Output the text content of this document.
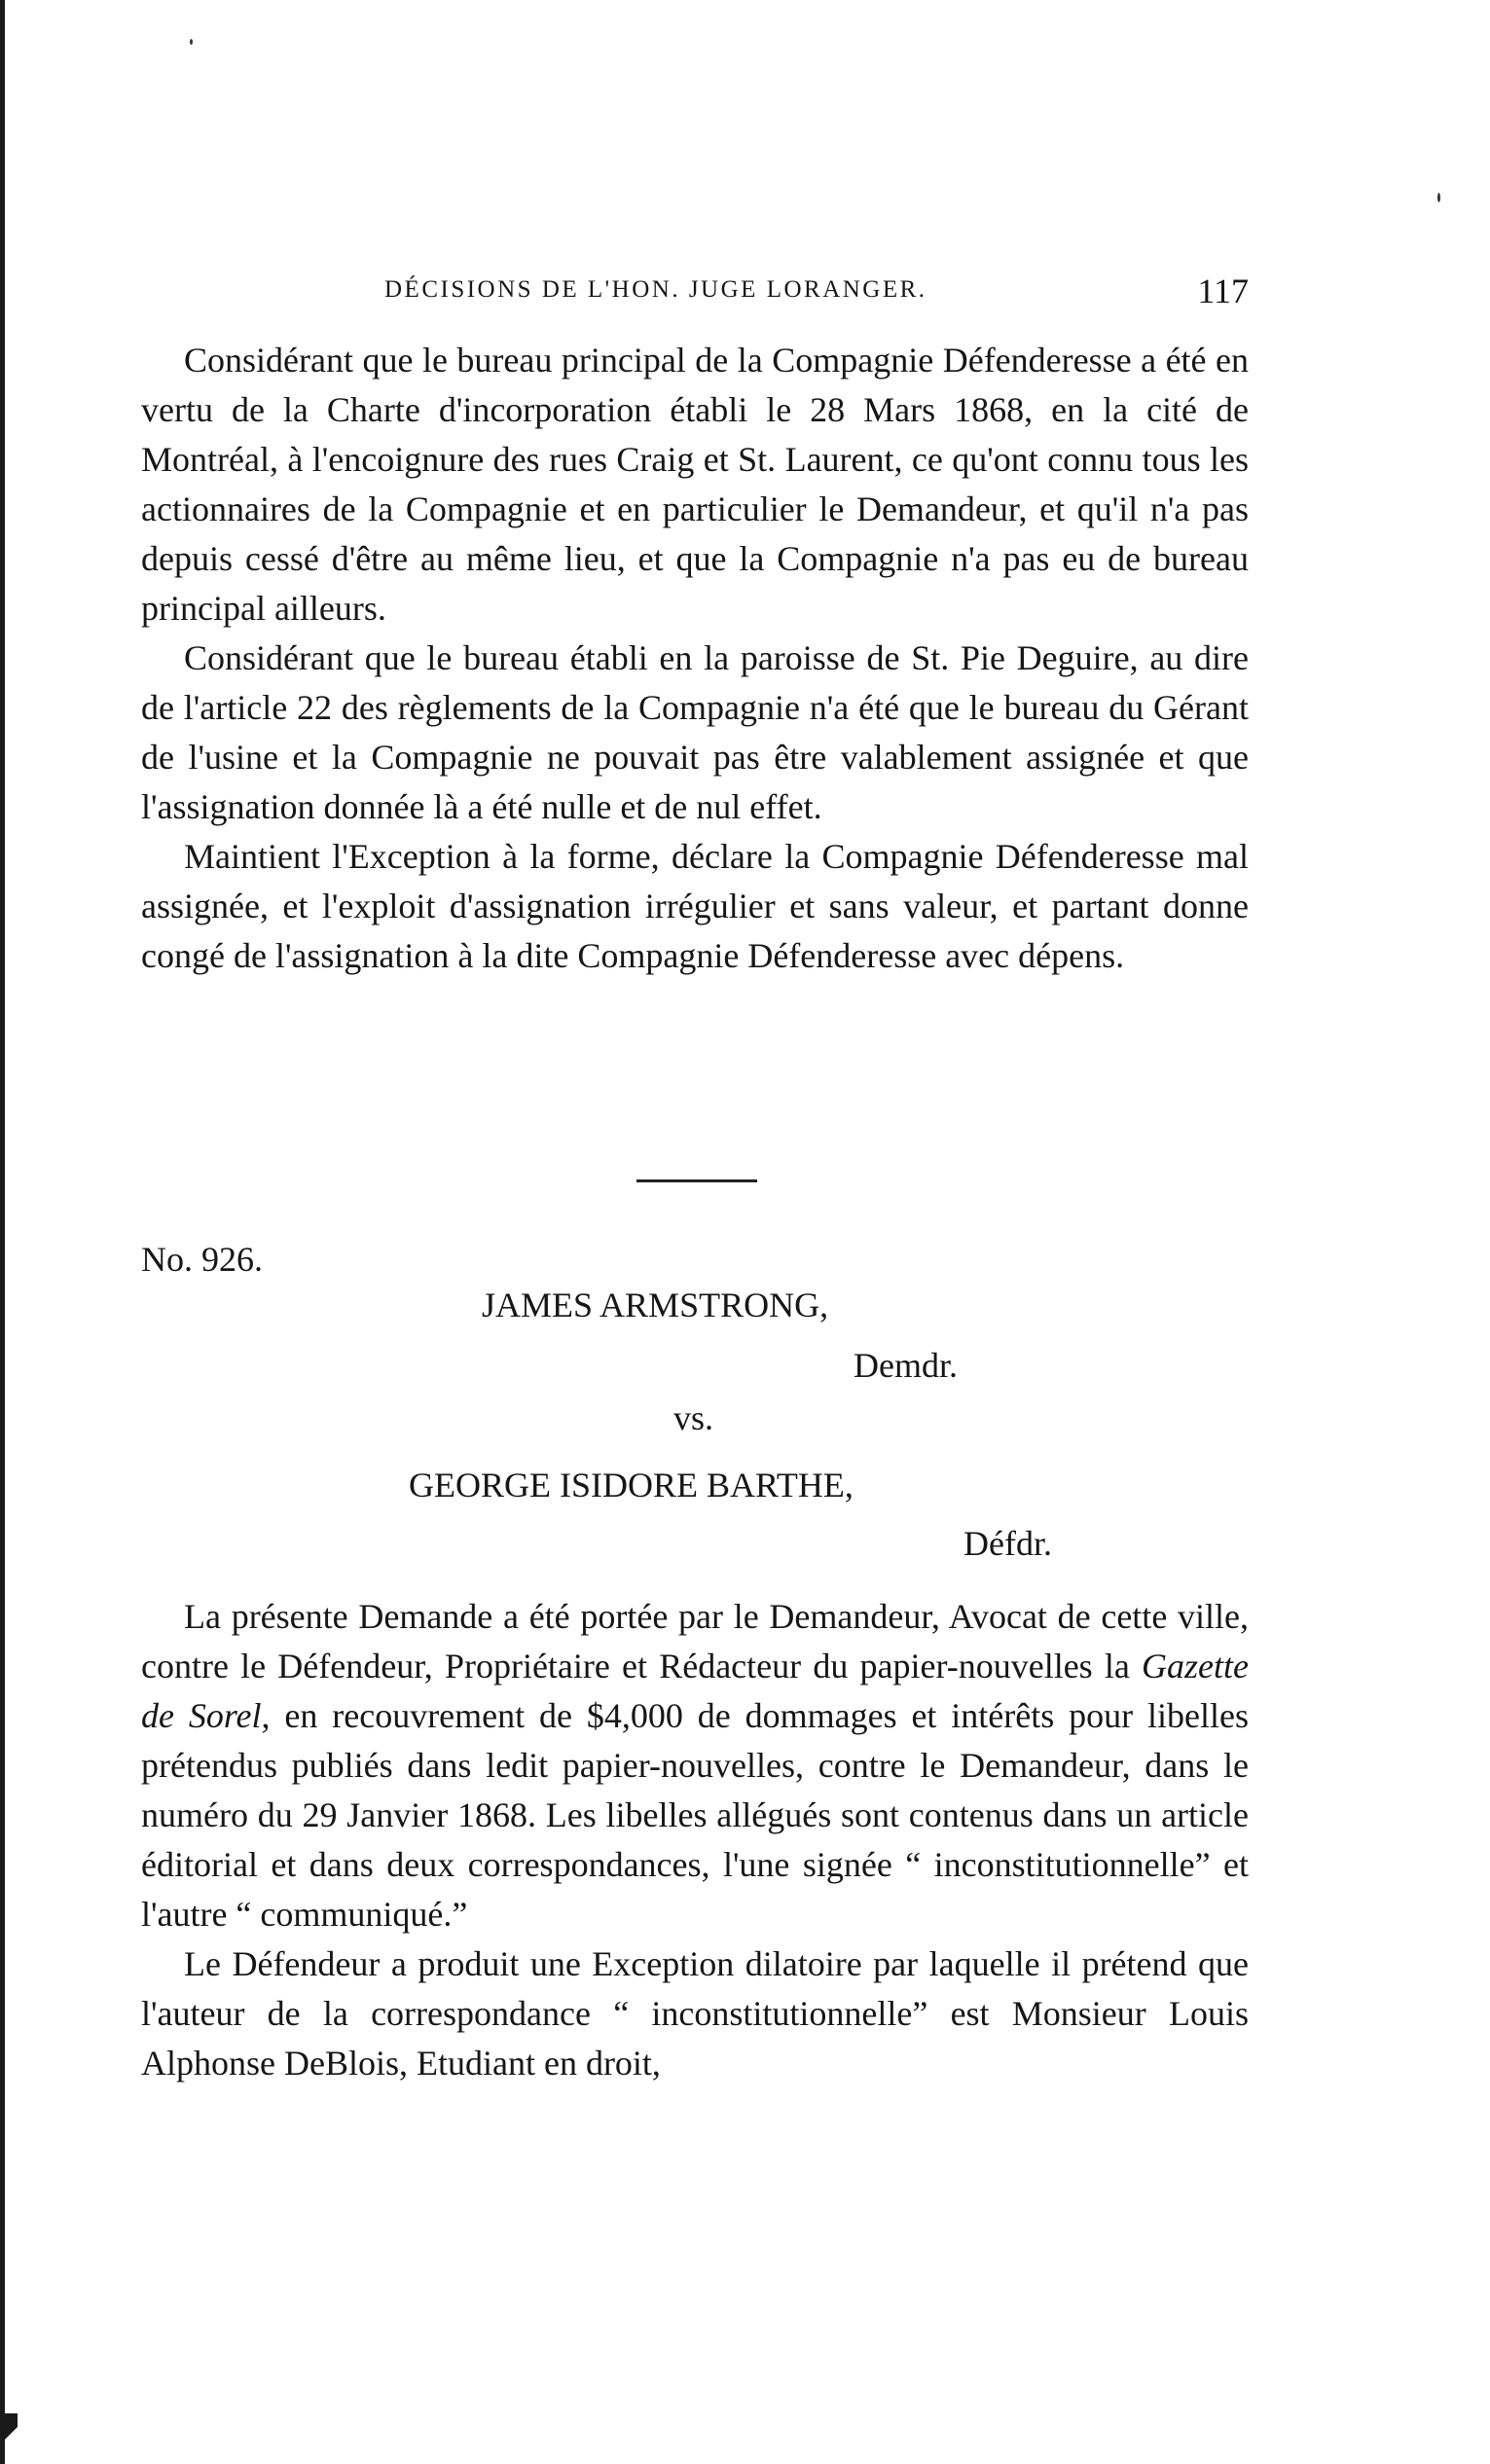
DÉCISIONS DE L'HON. JUGE LORANGER.	117

Considérant que le bureau principal de la Compagnie Défenderesse a été en vertu de la Charte d'incorporation établi le 28 Mars 1868, en la cité de Montréal, à l'encoignure des rues Craig et St. Laurent, ce qu'ont connu tous les actionnaires de la Compagnie et en particulier le Demandeur, et qu'il n'a pas depuis cessé d'être au même lieu, et que la Compagnie n'a pas eu de bureau principal ailleurs.

Considérant que le bureau établi en la paroisse de St. Pie Deguire, au dire de l'article 22 des règlements de la Compagnie n'a été que le bureau du Gérant de l'usine et la Compagnie ne pouvait pas être valablement assignée et que l'assignation donnée là a été nulle et de nul effet.

Maintient l'Exception à la forme, déclare la Compagnie Défenderesse mal assignée, et l'exploit d'assignation irrégulier et sans valeur, et partant donne congé de l'assignation à la dite Compagnie Défenderesse avec dépens.

No. 926.
JAMES ARMSTRONG,
Demdr.
vs.
GEORGE ISIDORE BARTHE,
Défdr.

La présente Demande a été portée par le Demandeur, Avocat de cette ville, contre le Défendeur, Propriétaire et Rédacteur du papier-nouvelles la Gazette de Sorel, en recouvrement de $4,000 de dommages et intérêts pour libelles prétendus publiés dans ledit papier-nouvelles, contre le Demandeur, dans le numéro du 29 Janvier 1868. Les libelles allégués sont contenus dans un article éditorial et dans deux correspondances, l'une signée “ inconstitutionnelle” et l'autre “ communiqué.”

Le Défendeur a produit une Exception dilatoire par laquelle il prétend que l'auteur de la correspondance “ inconstitutionnelle” est Monsieur Louis Alphonse DeBlois, Etudiant en droit,
